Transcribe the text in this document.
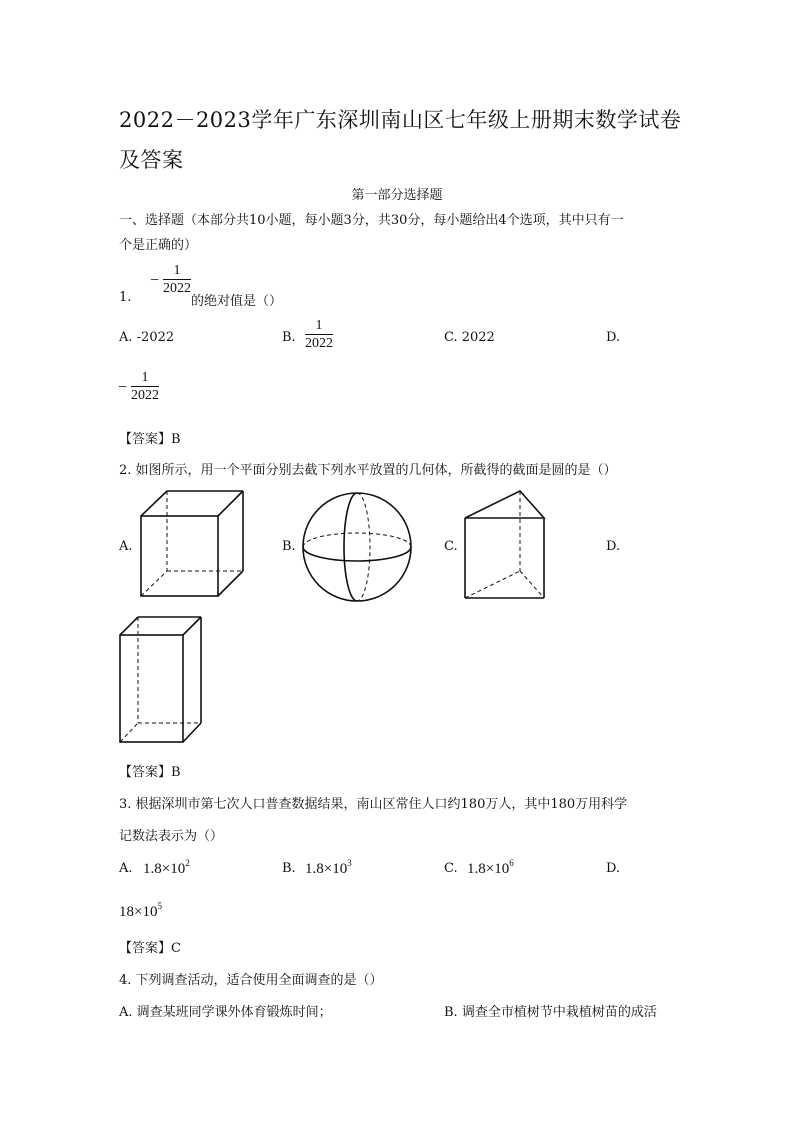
2022－2023学年广东深圳南山区七年级上册期末数学试卷
及答案
第一部分选择题
一、选择题（本部分共10小题，每小题3分，共30分，每小题给出4个选项，其中只有一
个是正确的）
− $\frac{1}{2022}$
1.	的绝对值是（）
A. -2022	B. $\frac{1}{2022}$	C. 2022	D.
− $\frac{1}{2022}$
【答案】B
2. 如图所示，用一个平面分别去截下列水平放置的几何体，所截得的截面是圆的是（）
A.	B.	C.	D.
【答案】B
3. 根据深圳市第七次人口普查数据结果，南山区常住人口约180万人，其中180万用科学
记数法表示为（）
A. $1.8\times 10^2$	B. $1.8\times 10^3$	C. $1.8\times 10^6$	D.
$18\times 10^5$
【答案】C
4. 下列调查活动，适合使用全面调查的是（）
A. 调查某班同学课外体育锻炼时间；	B. 调查全市植树节中栽植树苗的成活
